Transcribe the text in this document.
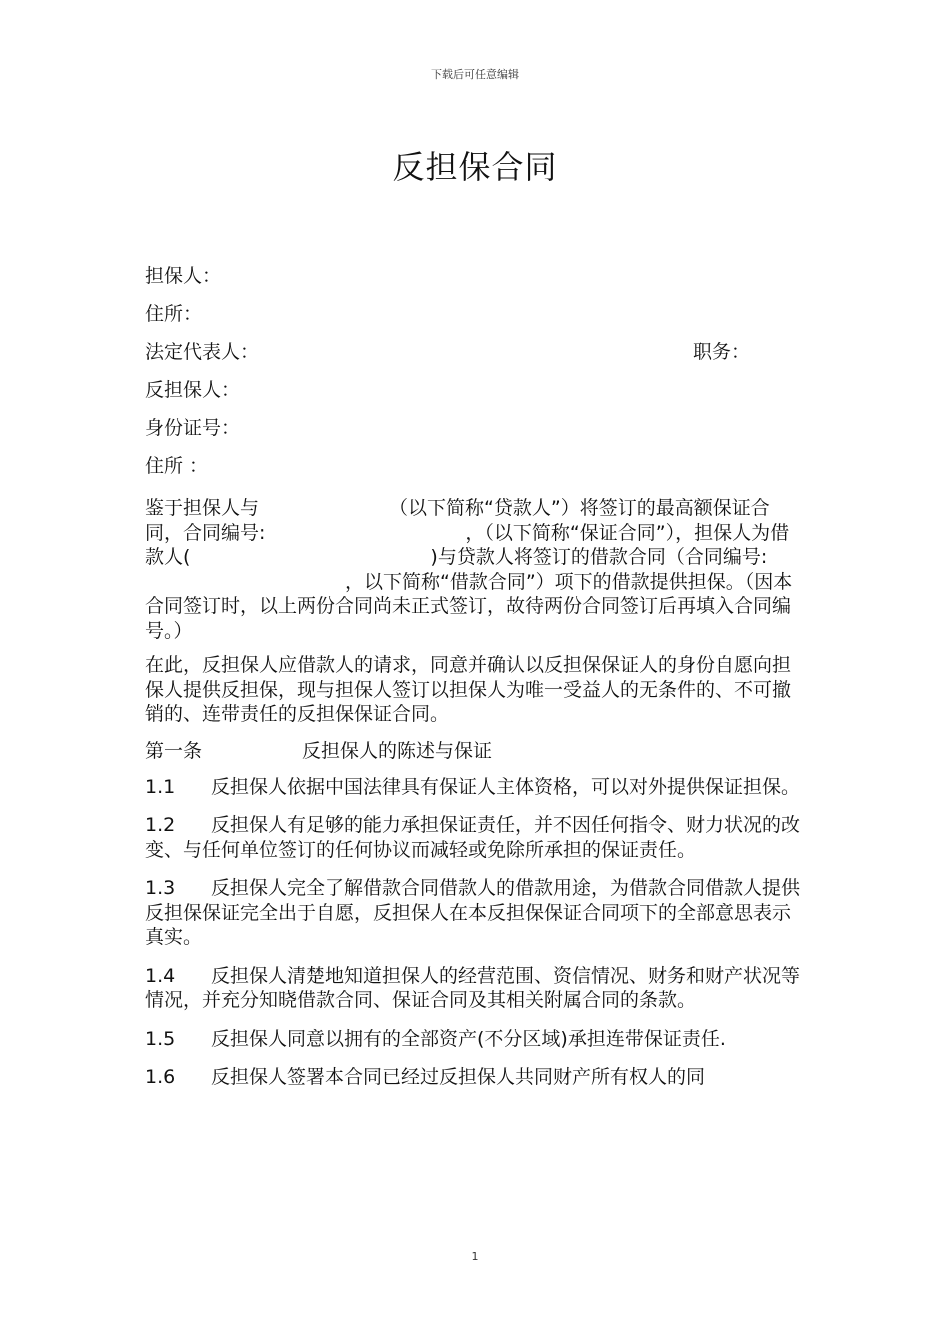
下载后可任意编辑
反担保合同
担保人：
住所：
法定代表人：	职务：
反担保人：
身份证号：
住所 ：
鉴于担保人与	（以下简称“贷款人”）将签订的最高额保证合同，合同编号:	，（以下简称“保证合同”），担保人为借款人(	)与贷款人将签订的借款合同（合同编号:，以下简称“借款合同”）项下的借款提供担保。（因本合同签订时，以上两份合同尚未正式签订，故待两份合同签订后再填入合同编号。）
在此，反担保人应借款人的请求，同意并确认以反担保保证人的身份自愿向担保人提供反担保，现与担保人签订以担保人为唯一受益人的无条件的、不可撤销的、连带责任的反担保保证合同。
第一条	反担保人的陈述与保证
1.1 反担保人依据中国法律具有保证人主体资格，可以对外提供保证担保。
1.2 反担保人有足够的能力承担保证责任，并不因任何指令、财力状况的改变、与任何单位签订的任何协议而减轻或免除所承担的保证责任。
1.3 反担保人完全了解借款合同借款人的借款用途，为借款合同借款人提供反担保保证完全出于自愿，反担保人在本反担保保证合同项下的全部意思表示真实。
1.4 反担保人清楚地知道担保人的经营范围、资信情况、财务和财产状况等情况，并充分知晓借款合同、保证合同及其相关附属合同的条款。
1.5 反担保人同意以拥有的全部资产(不分区域)承担连带保证责任.
1.6 反担保人签署本合同已经过反担保人共同财产所有权人的同
1
